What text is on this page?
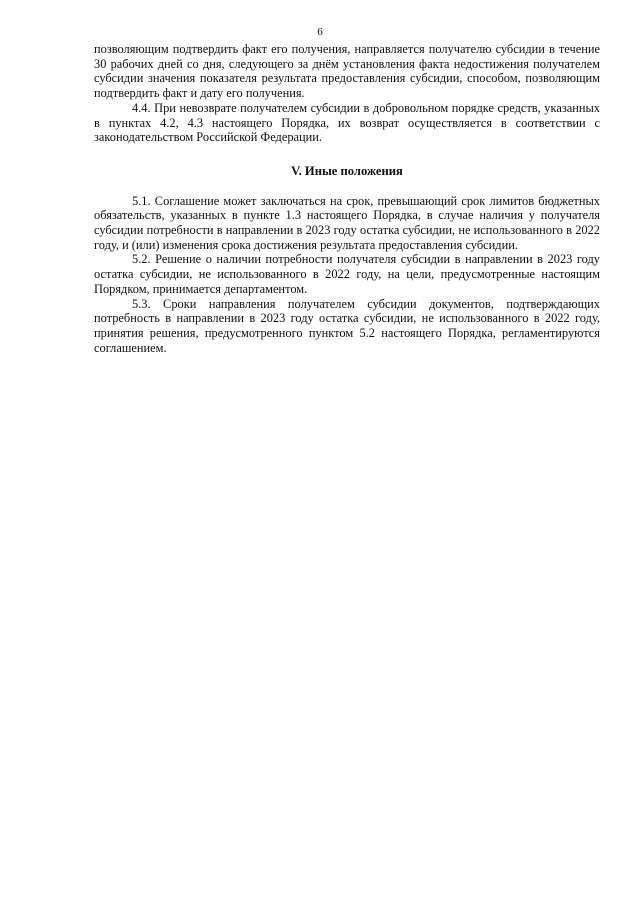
6

позволяющим подтвердить факт его получения, направляется получателю субсидии в течение 30 рабочих дней со дня, следующего за днём установления факта недостижения получателем субсидии значения показателя результата предоставления субсидии, способом, позволяющим подтвердить факт и дату его получения.

4.4. При невозврате получателем субсидии в добровольном порядке средств, указанных в пунктах 4.2, 4.3 настоящего Порядка, их возврат осуществляется в соответствии с законодательством Российской Федерации.

V. Иные положения

5.1. Соглашение может заключаться на срок, превышающий срок лимитов бюджетных обязательств, указанных в пункте 1.3 настоящего Порядка, в случае наличия у получателя субсидии потребности в направлении в 2023 году остатка субсидии, не использованного в 2022 году, и (или) изменения срока достижения результата предоставления субсидии.

5.2. Решение о наличии потребности получателя субсидии в направлении в 2023 году остатка субсидии, не использованного в 2022 году, на цели, предусмотренные настоящим Порядком, принимается департаментом.

5.3. Сроки направления получателем субсидии документов, подтверждающих потребность в направлении в 2023 году остатка субсидии, не использованного в 2022 году, принятия решения, предусмотренного пунктом 5.2 настоящего Порядка, регламентируются соглашением.
